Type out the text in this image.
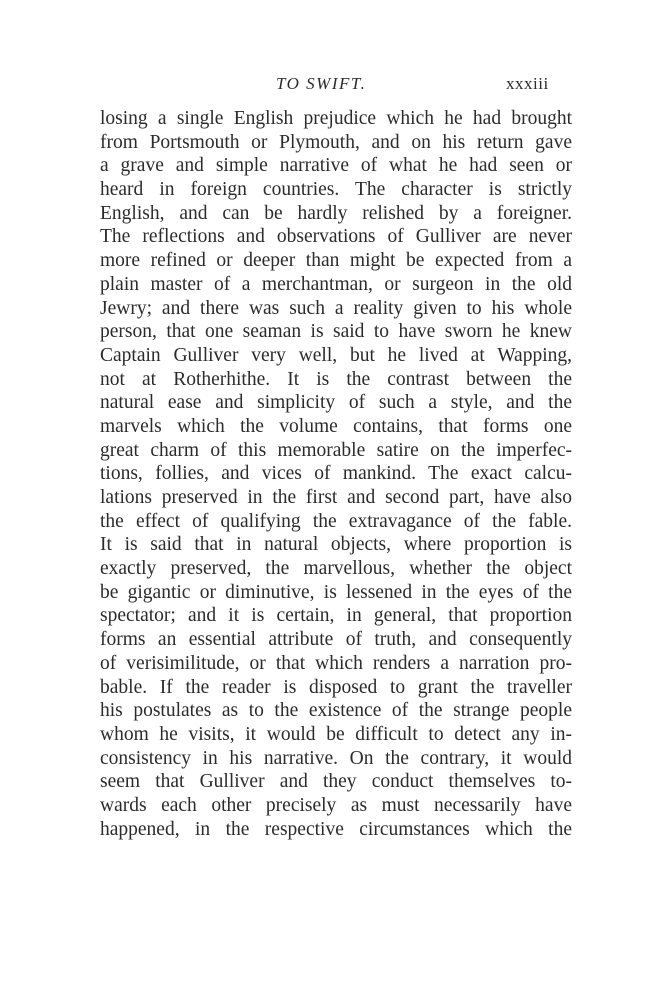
TO SWIFT.	xxxiii
losing a single English prejudice which he had brought
from Portsmouth or Plymouth, and on his return gave
a grave and simple narrative of what he had seen or
heard in foreign countries. The character is strictly
English, and can be hardly relished by a foreigner.
The reflections and observations of Gulliver are never
more refined or deeper than might be expected from a
plain master of a merchantman, or surgeon in the old
Jewry; and there was such a reality given to his whole
person, that one seaman is said to have sworn he knew
Captain Gulliver very well, but he lived at Wapping,
not at Rotherhithe. It is the contrast between the
natural ease and simplicity of such a style, and the
marvels which the volume contains, that forms one
great charm of this memorable satire on the imperfec-
tions, follies, and vices of mankind. The exact calcu-
lations preserved in the first and second part, have also
the effect of qualifying the extravagance of the fable.
It is said that in natural objects, where proportion is
exactly preserved, the marvellous, whether the object
be gigantic or diminutive, is lessened in the eyes of the
spectator; and it is certain, in general, that proportion
forms an essential attribute of truth, and consequently
of verisimilitude, or that which renders a narration pro-
bable. If the reader is disposed to grant the traveller
his postulates as to the existence of the strange people
whom he visits, it would be difficult to detect any in-
consistency in his narrative. On the contrary, it would
seem that Gulliver and they conduct themselves to-
wards each other precisely as must necessarily have
happened, in the respective circumstances which the
